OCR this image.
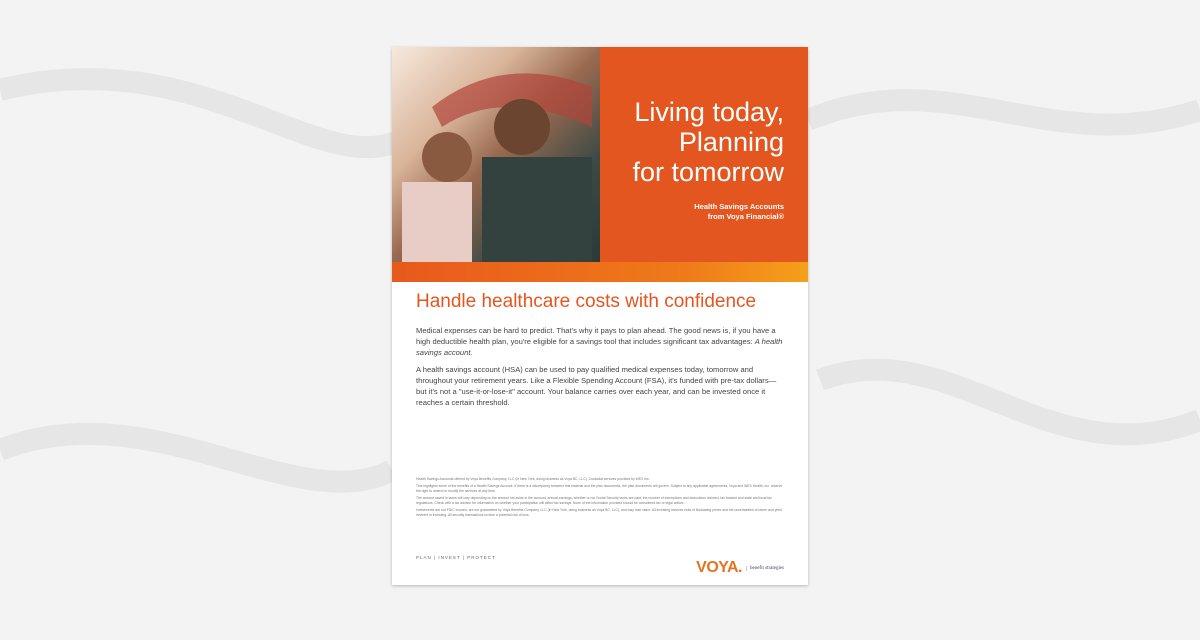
Living today,
Planning
for tomorrow
Health Savings Accounts
from Voya Financial®
Handle healthcare costs with confidence

Medical expenses can be hard to predict. That's why it pays to plan ahead. The good news is, if you have a high deductible health plan, you're eligible for a savings tool that includes significant tax advantages: A health savings account.

A health savings account (HSA) can be used to pay qualified medical expenses today, tomorrow and throughout your retirement years. Like a Flexible Spending Account (FSA), it's funded with pre-tax dollars—but it's not a "use-it-or-lose-it" account. Your balance carries over each year, and can be invested once it reaches a certain threshold.

Health Savings Accounts offered by Voya Benefits Company, LLC (in New York, doing business as Voya BC, LLC). Custodial services provided by WEX Inc.

This highlights some of the benefits of a Health Savings Account. If there is a discrepancy between this material and the plan documents, the plan documents will govern. Subject to any applicable agreements, Voya and WEX Health, Inc. reserve the right to amend or modify the services at any time.

The amount saved in taxes will vary depending on the amount set aside in the account, annual earnings, whether or not Social Security taxes are paid, the number of exemptions and deductions claimed, tax bracket and state and local tax regulations. Check with a tax advisor for information on whether your participation will affect tax savings. None of the information provided should be considered tax or legal advice.

Investments are not FDIC insured, are not guaranteed by Voya Benefits Company, LLC (in New York, doing business as Voya BC, LLC), and may lose value. All investing involves risks of fluctuating prices and the uncertainties of return and yield inherent in investing. All security transactions involve a potential risk of loss.

PLAN | INVEST | PROTECT
VOYA.	benefit strategies
